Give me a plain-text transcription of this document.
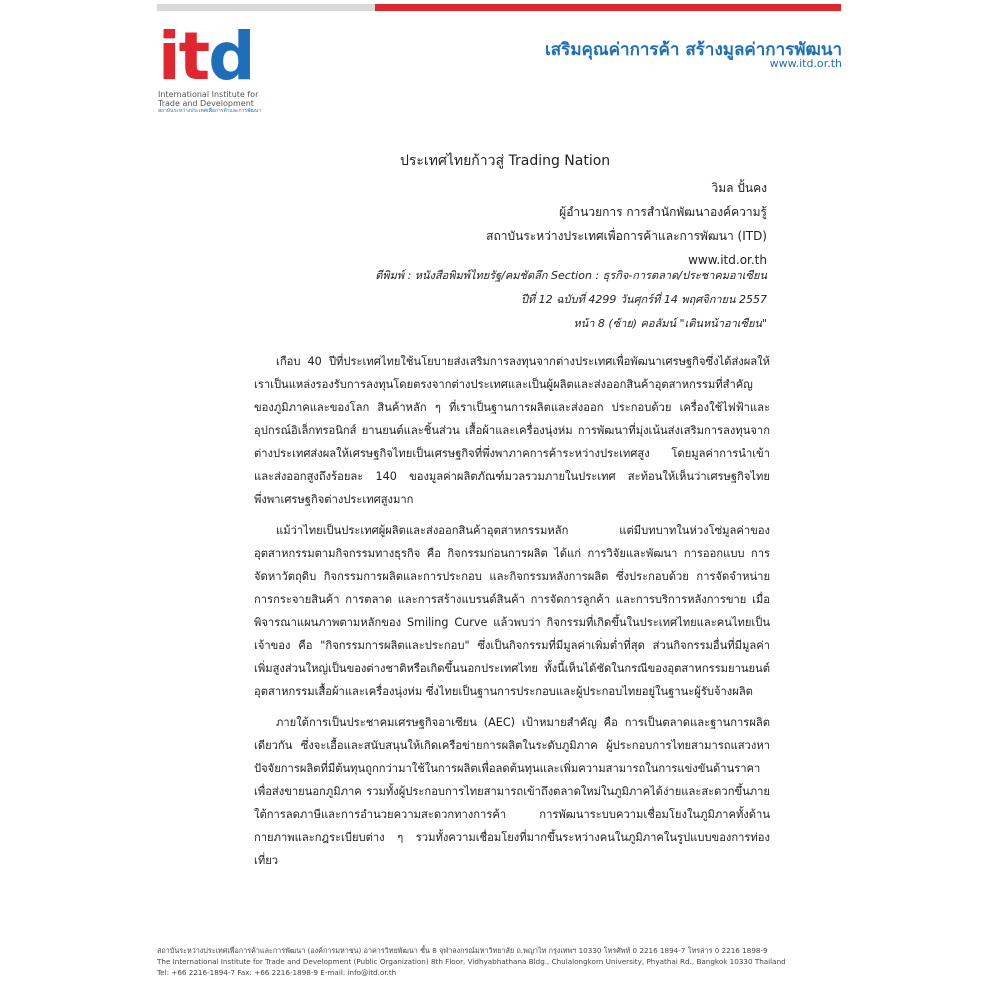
itd
International Institute for Trade and Development
สถาบันระหว่างประเทศเพื่อการค้าและการพัฒนา
เสริมคุณค่าการค้า สร้างมูลค่าการพัฒนา
www.itd.or.th
ประเทศไทยก้าวสู่ Trading Nation
วิมล ปั้นคง
ผู้อำนวยการ การสำนักพัฒนาองค์ความรู้
สถาบันระหว่างประเทศเพื่อการค้าและการพัฒนา (ITD)
www.itd.or.th
ตีพิมพ์ : หนังสือพิมพ์ไทยรัฐ/คมชัดลึก Section : ธุรกิจ-การตลาด/ประชาคมอาเซียน
ปีที่ 12 ฉบับที่ 4299 วันศุกร์ที่ 14 พฤศจิกายน 2557
หน้า 8 (ซ้าย) คอลัมน์ "เดินหน้าอาเซียน"

เกือบ 40 ปีที่ประเทศไทยใช้นโยบายส่งเสริมการลงทุนจากต่างประเทศเพื่อพัฒนาเศรษฐกิจซึ่งได้ส่งผลให้เราเป็นแหล่งรองรับการลงทุนโดยตรงจากต่างประเทศและเป็นผู้ผลิตและส่งออกสินค้าอุตสาหกรรมที่สำคัญของภูมิภาคและของโลก สินค้าหลัก ๆ ที่เราเป็นฐานการผลิตและส่งออก ประกอบด้วย เครื่องใช้ไฟฟ้าและอุปกรณ์อิเล็กทรอนิกส์ ยานยนต์และชิ้นส่วน เสื้อผ้าและเครื่องนุ่งห่ม การพัฒนาที่มุ่งเน้นส่งเสริมการลงทุนจากต่างประเทศส่งผลให้เศรษฐกิจไทยเป็นเศรษฐกิจที่พึ่งพาภาคการค้าระหว่างประเทศสูง โดยมูลค่าการนำเข้าและส่งออกสูงถึงร้อยละ 140 ของมูลค่าผลิตภัณฑ์มวลรวมภายในประเทศ สะท้อนให้เห็นว่าเศรษฐกิจไทยพึ่งพาเศรษฐกิจต่างประเทศสูงมาก

แม้ว่าไทยเป็นประเทศผู้ผลิตและส่งออกสินค้าอุตสาหกรรมหลัก แต่มีบทบาทในห่วงโซ่มูลค่าของอุตสาหกรรมตามกิจกรรมทางธุรกิจ คือ กิจกรรมก่อนการผลิต ได้แก่ การวิจัยและพัฒนา การออกแบบ การจัดหาวัตถุดิบ กิจกรรมการผลิตและการประกอบ และกิจกรรมหลังการผลิต ซึ่งประกอบด้วย การจัดจำหน่าย การกระจายสินค้า การตลาด และการสร้างแบรนด์สินค้า การจัดการลูกค้า และการบริการหลังการขาย เมื่อพิจารณาแผนภาพตามหลักของ Smiling Curve แล้วพบว่า กิจกรรมที่เกิดขึ้นในประเทศไทยและคนไทยเป็นเจ้าของ คือ "กิจกรรมการผลิตและประกอบ" ซึ่งเป็นกิจกรรมที่มีมูลค่าเพิ่มต่ำที่สุด ส่วนกิจกรรมอื่นที่มีมูลค่าเพิ่มสูงส่วนใหญ่เป็นของต่างชาติหรือเกิดขึ้นนอกประเทศไทย ทั้งนี้เห็นได้ชัดในกรณีของอุตสาหกรรมยานยนต์ อุตสาหกรรมเสื้อผ้าและเครื่องนุ่งห่ม ซึ่งไทยเป็นฐานการประกอบและผู้ประกอบไทยอยู่ในฐานะผู้รับจ้างผลิต

ภายใต้การเป็นประชาคมเศรษฐกิจอาเซียน (AEC) เป้าหมายสำคัญ คือ การเป็นตลาดและฐานการผลิตเดียวกัน ซึ่งจะเอื้อและสนับสนุนให้เกิดเครือข่ายการผลิตในระดับภูมิภาค ผู้ประกอบการไทยสามารถแสวงหาปัจจัยการผลิตที่มีต้นทุนถูกกว่ามาใช้ในการผลิตเพื่อลดต้นทุนและเพิ่มความสามารถในการแข่งขันด้านราคาเพื่อส่งขายนอกภูมิภาค รวมทั้งผู้ประกอบการไทยสามารถเข้าถึงตลาดใหม่ในภูมิภาคได้ง่ายและสะดวกขึ้นภายใต้การลดภาษีและการอำนวยความสะดวกทางการค้า การพัฒนาระบบความเชื่อมโยงในภูมิภาคทั้งด้านกายภาพและกฎระเบียบต่าง ๆ รวมทั้งความเชื่อมโยงที่มากขึ้นระหว่างคนในภูมิภาคในรูปแบบของการท่องเที่ยว

สถาบันระหว่างประเทศเพื่อการค้าและการพัฒนา (องค์การมหาชน) อาคารวิทยพัฒนา ชั้น 8 จุฬาลงกรณ์มหาวิทยาลัย ถ.พญาไท กรุงเทพฯ 10330 โทรศัพท์ 0 2216 1894-7 โทรสาร 0 2216 1898-9
The International Institute for Trade and Development (Public Organization) 8th Floor, Vidhyabhathana Bldg., Chulalongkorn University, Phyathai Rd., Bangkok 10330 Thailand
Tel: +66 2216-1894-7 Fax: +66 2216-1898-9 E-mail: info@itd.or.th
